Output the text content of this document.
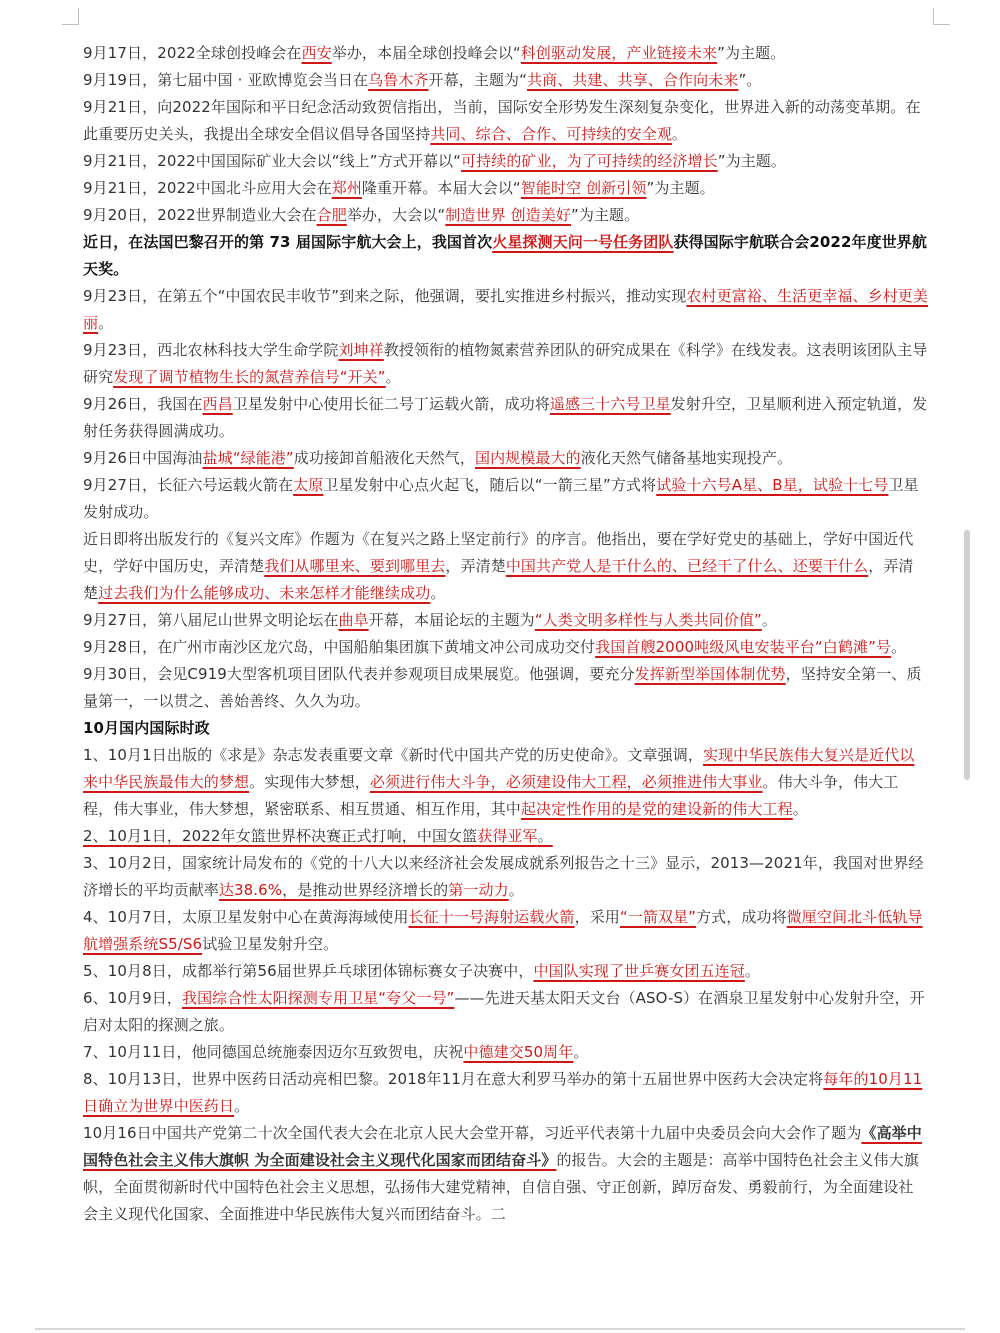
9月17日，2022全球创投峰会在西安举办，本届全球创投峰会以“科创驱动发展，产业链接未来”为主题。

9月19日，第七届中国 · 亚欧博览会当日在乌鲁木齐开幕，主题为“共商、共建、共享、合作向未来”。

9月21日，向2022年国际和平日纪念活动致贺信指出，当前，国际安全形势发生深刻复杂变化，世界进入新的动荡变革期。在此重要历史关头，我提出全球安全倡议倡导各国坚持共同、综合、合作、可持续的安全观。

9月21日，2022中国国际矿业大会以“线上”方式开幕以“可持续的矿业，为了可持续的经济增长”为主题。

9月21日，2022中国北斗应用大会在郑州隆重开幕。本届大会以“智能时空 创新引领”为主题。

9月20日，2022世界制造业大会在合肥举办，大会以“制造世界 创造美好”为主题。

近日，在法国巴黎召开的第 73 届国际宇航大会上，我国首次火星探测天问一号任务团队获得国际宇航联合会2022年度世界航天奖。

9月23日，在第五个“中国农民丰收节”到来之际，他强调，要扎实推进乡村振兴，推动实现农村更富裕、生活更幸福、乡村更美丽。

9月23日，西北农林科技大学生命学院刘坤祥教授领衔的植物氮素营养团队的研究成果在《科学》在线发表。这表明该团队主导研究发现了调节植物生长的氮营养信号“开关”。

9月26日，我国在西昌卫星发射中心使用长征二号丁运载火箭，成功将遥感三十六号卫星发射升空，卫星顺利进入预定轨道，发射任务获得圆满成功。

9月26日中国海油盐城“绿能港”成功接卸首船液化天然气，国内规模最大的液化天然气储备基地实现投产。

9月27日，长征六号运载火箭在太原卫星发射中心点火起飞，随后以“一箭三星”方式将试验十六号A星、B星，试验十七号卫星发射成功。

近日即将出版发行的《复兴文库》作题为《在复兴之路上坚定前行》的序言。他指出，要在学好党史的基础上，学好中国近代史，学好中国历史，弄清楚我们从哪里来、要到哪里去，弄清楚中国共产党人是干什么的、已经干了什么、还要干什么，弄清楚过去我们为什么能够成功、未来怎样才能继续成功。

9月27日，第八届尼山世界文明论坛在曲阜开幕，本届论坛的主题为“人类文明多样性与人类共同价值”。

9月28日，在广州市南沙区龙穴岛，中国船舶集团旗下黄埔文冲公司成功交付我国首艘2000吨级风电安装平台“白鹤滩”号。

9月30日，会见C919大型客机项目团队代表并参观项目成果展览。他强调，要充分发挥新型举国体制优势，坚持安全第一、质量第一，一以贯之、善始善终、久久为功。

10月国内国际时政

1、10月1日出版的《求是》杂志发表重要文章《新时代中国共产党的历史使命》。文章强调，实现中华民族伟大复兴是近代以来中华民族最伟大的梦想。实现伟大梦想，必须进行伟大斗争，必须建设伟大工程，必须推进伟大事业。伟大斗争，伟大工程，伟大事业，伟大梦想，紧密联系、相互贯通、相互作用，其中起决定性作用的是党的建设新的伟大工程。

2、10月1日，2022年女篮世界杯决赛正式打响，中国女篮获得亚军。

3、10月2日，国家统计局发布的《党的十八大以来经济社会发展成就系列报告之十三》显示，2013—2021年，我国对世界经济增长的平均贡献率达38.6%，是推动世界经济增长的第一动力。

4、10月7日，太原卫星发射中心在黄海海域使用长征十一号海射运载火箭，采用“一箭双星”方式，成功将微厘空间北斗低轨导航增强系统S5/S6试验卫星发射升空。

5、10月8日，成都举行第56届世界乒乓球团体锦标赛女子决赛中，中国队实现了世乒赛女团五连冠。

6、10月9日，我国综合性太阳探测专用卫星“夸父一号”——先进天基太阳天文台（ASO-S）在酒泉卫星发射中心发射升空，开启对太阳的探测之旅。

7、10月11日，他同德国总统施泰因迈尔互致贺电，庆祝中德建交50周年。

8、10月13日，世界中医药日活动亮相巴黎。2018年11月在意大利罗马举办的第十五届世界中医药大会决定将每年的10月11日确立为世界中医药日。

10月16日中国共产党第二十次全国代表大会在北京人民大会堂开幕，习近平代表第十九届中央委员会向大会作了题为《高举中国特色社会主义伟大旗帜 为全面建设社会主义现代化国家而团结奋斗》的报告。大会的主题是：高举中国特色社会主义伟大旗帜，全面贯彻新时代中国特色社会主义思想，弘扬伟大建党精神，自信自强、守正创新，踔厉奋发、勇毅前行，为全面建设社会主义现代化国家、全面推进中华民族伟大复兴而团结奋斗。二
